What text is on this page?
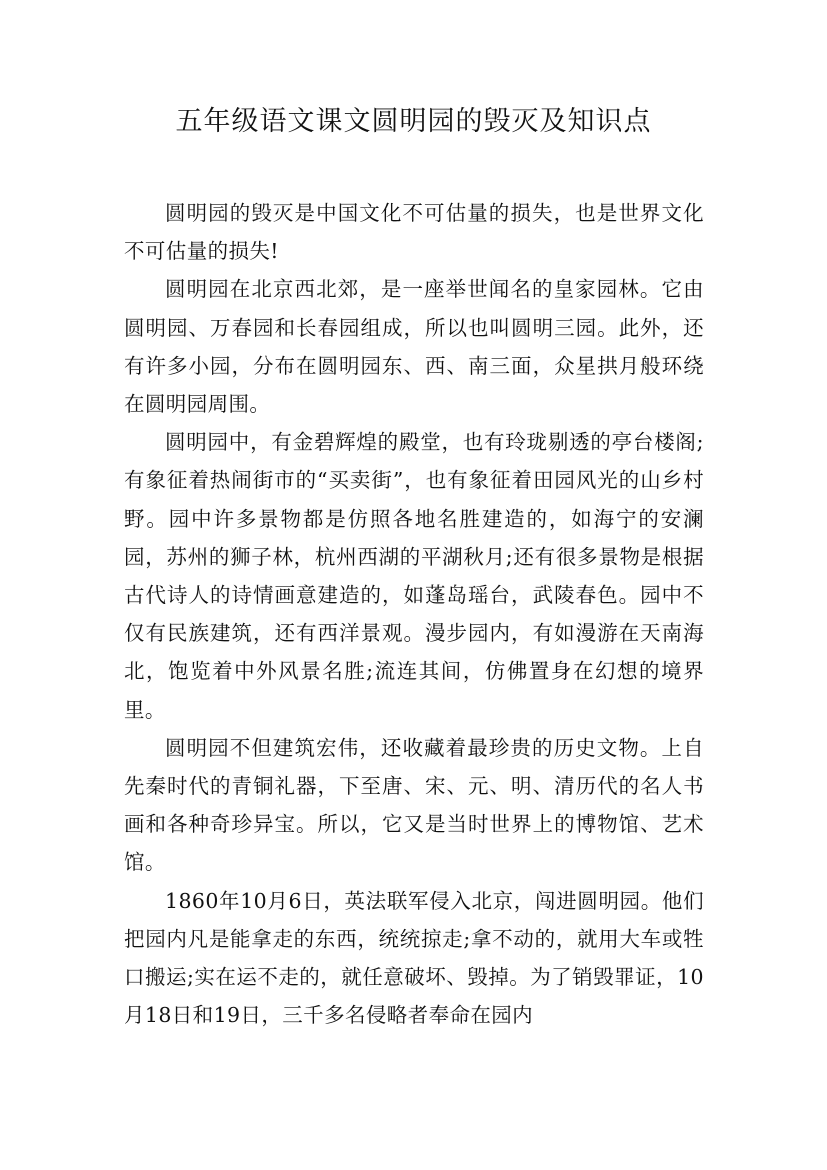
五年级语文课文圆明园的毁灭及知识点

圆明园的毁灭是中国文化不可估量的损失，也是世界文化不可估量的损失!

圆明园在北京西北郊，是一座举世闻名的皇家园林。它由圆明园、万春园和长春园组成，所以也叫圆明三园。此外，还有许多小园，分布在圆明园东、西、南三面，众星拱月般环绕在圆明园周围。

圆明园中，有金碧辉煌的殿堂，也有玲珑剔透的亭台楼阁;有象征着热闹街市的“买卖街”，也有象征着田园风光的山乡村野。园中许多景物都是仿照各地名胜建造的，如海宁的安澜园，苏州的狮子林，杭州西湖的平湖秋月;还有很多景物是根据古代诗人的诗情画意建造的，如蓬岛瑶台，武陵春色。园中不仅有民族建筑，还有西洋景观。漫步园内，有如漫游在天南海北，饱览着中外风景名胜;流连其间，仿佛置身在幻想的境界里。

圆明园不但建筑宏伟，还收藏着最珍贵的历史文物。上自先秦时代的青铜礼器，下至唐、宋、元、明、清历代的名人书画和各种奇珍异宝。所以，它又是当时世界上的博物馆、艺术馆。

1860年10月6日，英法联军侵入北京，闯进圆明园。他们把园内凡是能拿走的东西，统统掠走;拿不动的，就用大车或牲口搬运;实在运不走的，就任意破坏、毁掉。为了销毁罪证，10月18日和19日，三千多名侵略者奉命在园内
